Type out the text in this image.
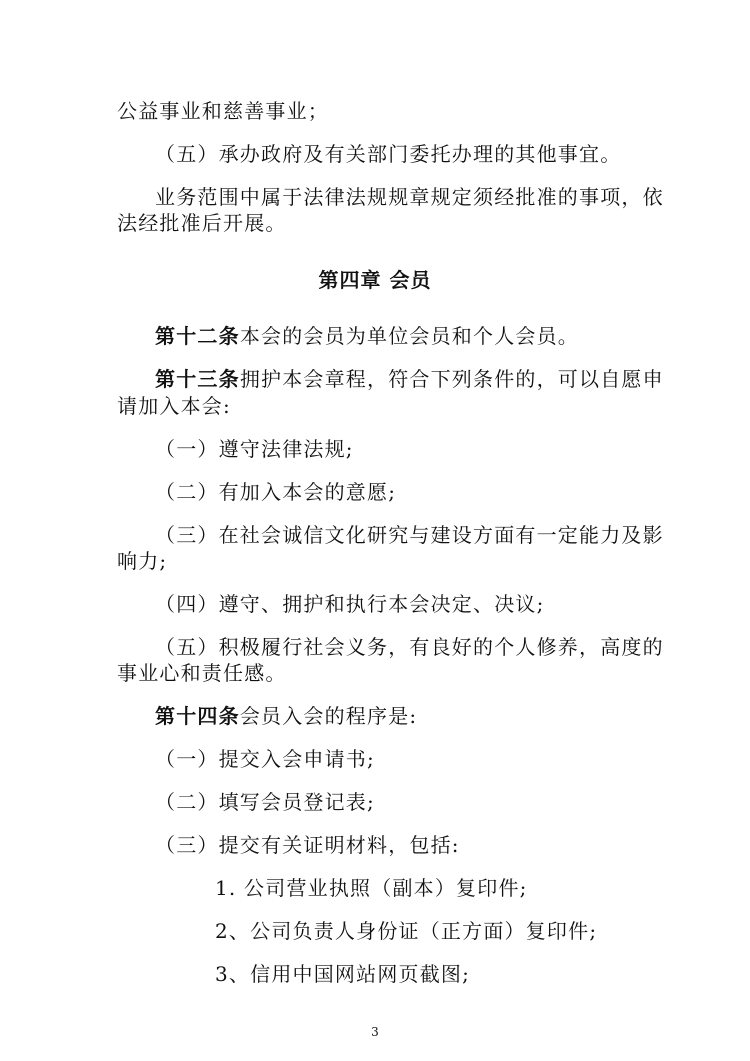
公益事业和慈善事业；
（五）承办政府及有关部门委托办理的其他事宜。
业务范围中属于法律法规规章规定须经批准的事项，依
法经批准后开展。
第四章 会员
第十二条本会的会员为单位会员和个人会员。
第十三条拥护本会章程，符合下列条件的，可以自愿申
请加入本会:
（一）遵守法律法规;
（二）有加入本会的意愿;
（三）在社会诚信文化研究与建设方面有一定能力及影
响力;
（四）遵守、拥护和执行本会决定、决议;
（五）积极履行社会义务，有良好的个人修养，高度的
事业心和责任感。
第十四条会员入会的程序是:
（一）提交入会申请书;
（二）填写会员登记表;
（三）提交有关证明材料，包括:
1. 公司营业执照（副本）复印件;
2、公司负责人身份证（正方面）复印件;
3、信用中国网站网页截图;
3
